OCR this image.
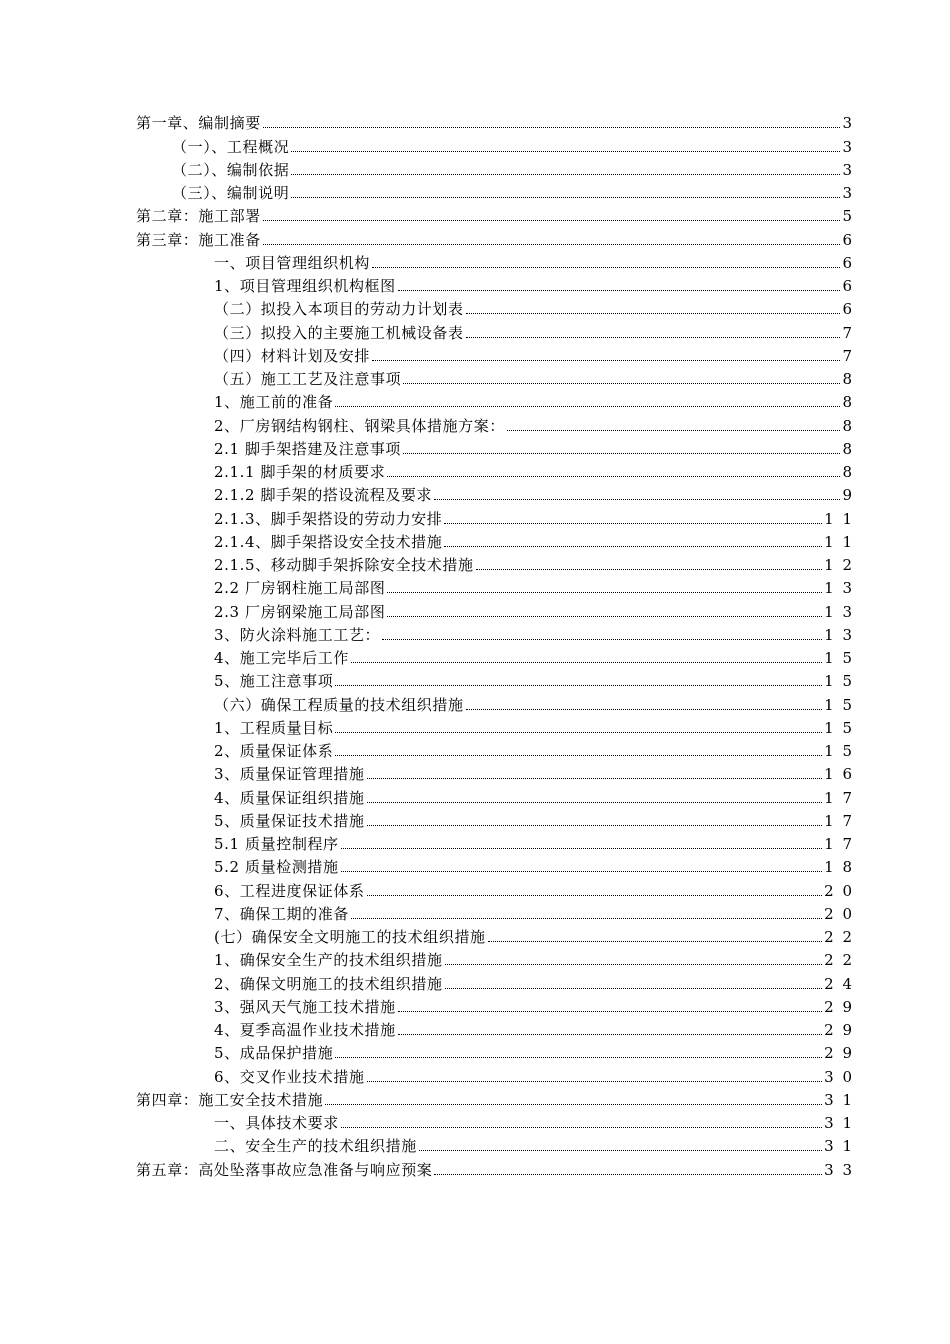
第一章、编制摘要	3
（一）、工程概况	3
（二）、编制依据	3
（三）、编制说明	3
第二章：施工部署	5
第三章：施工准备	6
一、项目管理组织机构	6
1、项目管理组织机构框图	6
（二）拟投入本项目的劳动力计划表	6
（三）拟投入的主要施工机械设备表	7
（四）材料计划及安排	7
（五）施工工艺及注意事项	8
1、施工前的准备	8
2、厂房钢结构钢柱、钢梁具体措施方案：	8
2.1 脚手架搭建及注意事项	8
2.1.1 脚手架的材质要求	8
2.1.2 脚手架的搭设流程及要求	9
2.1.3、脚手架搭设的劳动力安排	1 1
2.1.4、脚手架搭设安全技术措施	1 1
2.1.5、移动脚手架拆除安全技术措施	1 2
2.2 厂房钢柱施工局部图	1 3
2.3 厂房钢梁施工局部图	1 3
3、防火涂料施工工艺：	1 3
4、施工完毕后工作	1 5
5、施工注意事项	1 5
（六）确保工程质量的技术组织措施	1 5
1、工程质量目标	1 5
2、质量保证体系	1 5
3、质量保证管理措施	1 6
4、质量保证组织措施	1 7
5、质量保证技术措施	1 7
5.1 质量控制程序	1 7
5.2 质量检测措施	1 8
6、工程进度保证体系	2 0
7、确保工期的准备	2 0
(七）确保安全文明施工的技术组织措施	2 2
1、确保安全生产的技术组织措施	2 2
2、确保文明施工的技术组织措施	2 4
3、强风天气施工技术措施	2 9
4、夏季高温作业技术措施	2 9
5、成品保护措施	2 9
6、交叉作业技术措施	3 0
第四章：施工安全技术措施	3 1
一、具体技术要求	3 1
二、安全生产的技术组织措施	3 1
第五章：高处坠落事故应急准备与响应预案	3 3
